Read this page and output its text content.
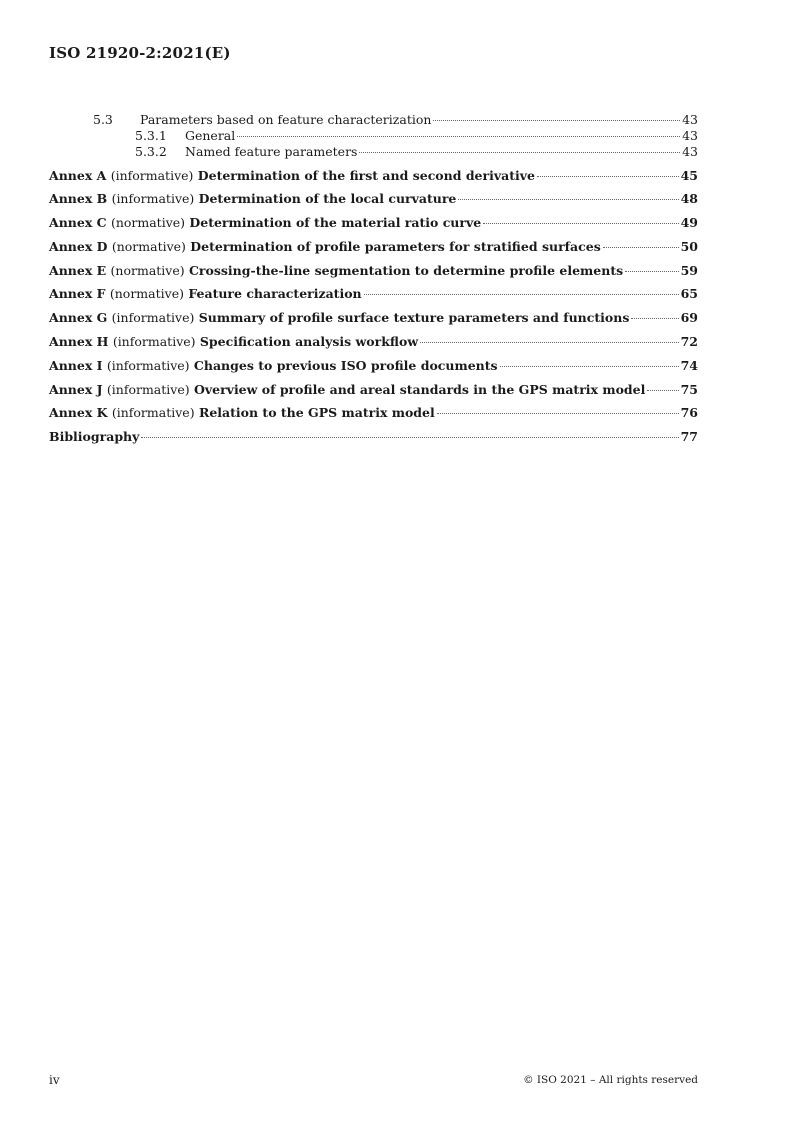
ISO 21920-2:2021(E)
5.3	Parameters based on feature characterization	43
5.3.1	General	43
5.3.2	Named feature parameters	43
Annex A (informative) Determination of the first and second derivative	45
Annex B (informative) Determination of the local curvature	48
Annex C (normative) Determination of the material ratio curve	49
Annex D (normative) Determination of profile parameters for stratified surfaces	50
Annex E (normative) Crossing-the-line segmentation to determine profile elements	59
Annex F (normative) Feature characterization	65
Annex G (informative) Summary of profile surface texture parameters and functions	69
Annex H (informative) Specification analysis workflow	72
Annex I (informative) Changes to previous ISO profile documents	74
Annex J (informative) Overview of profile and areal standards in the GPS matrix model	75
Annex K (informative) Relation to the GPS matrix model	76
Bibliography	77
iv	© ISO 2021 – All rights reserved
